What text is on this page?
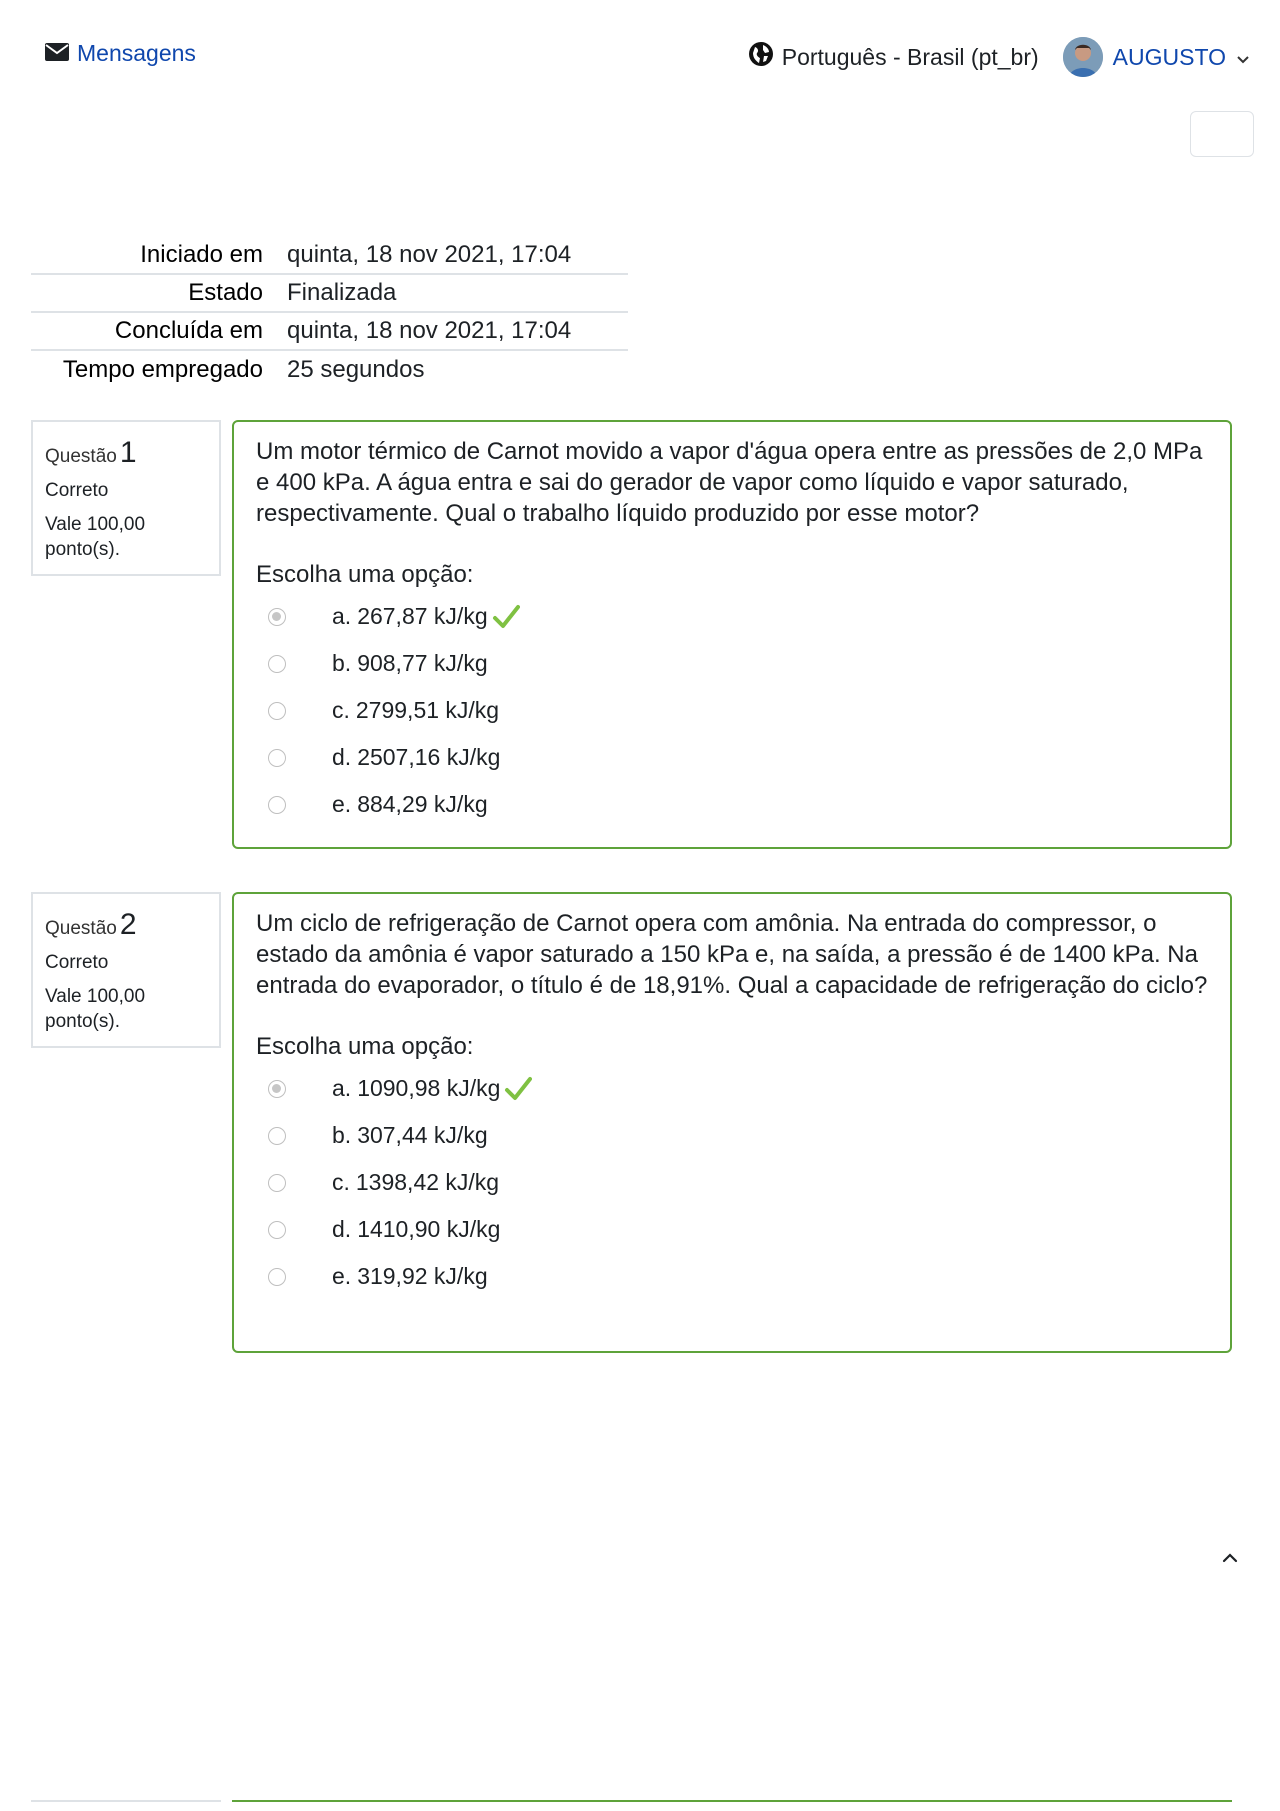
Mensagens	Português - Brasil (pt_br)	AUGUSTO
Iniciado em	quinta, 18 nov 2021, 17:04
Estado	Finalizada
Concluída em	quinta, 18 nov 2021, 17:04
Tempo empregado	25 segundos
Questão 1
Correto
Vale 100,00 ponto(s).

Um motor térmico de Carnot movido a vapor d'água opera entre as pressões de 2,0 MPa e 400 kPa. A água entra e sai do gerador de vapor como líquido e vapor saturado, respectivamente. Qual o trabalho líquido produzido por esse motor?

Escolha uma opção:
a. 267,87 kJ/kg
b. 908,77 kJ/kg
c. 2799,51 kJ/kg
d. 2507,16 kJ/kg
e. 884,29 kJ/kg
Questão 2
Correto
Vale 100,00 ponto(s).

Um ciclo de refrigeração de Carnot opera com amônia. Na entrada do compressor, o estado da amônia é vapor saturado a 150 kPa e, na saída, a pressão é de 1400 kPa. Na entrada do evaporador, o título é de 18,91%. Qual a capacidade de refrigeração do ciclo?

Escolha uma opção:
a. 1090,98 kJ/kg
b. 307,44 kJ/kg
c. 1398,42 kJ/kg
d. 1410,90 kJ/kg
e. 319,92 kJ/kg
